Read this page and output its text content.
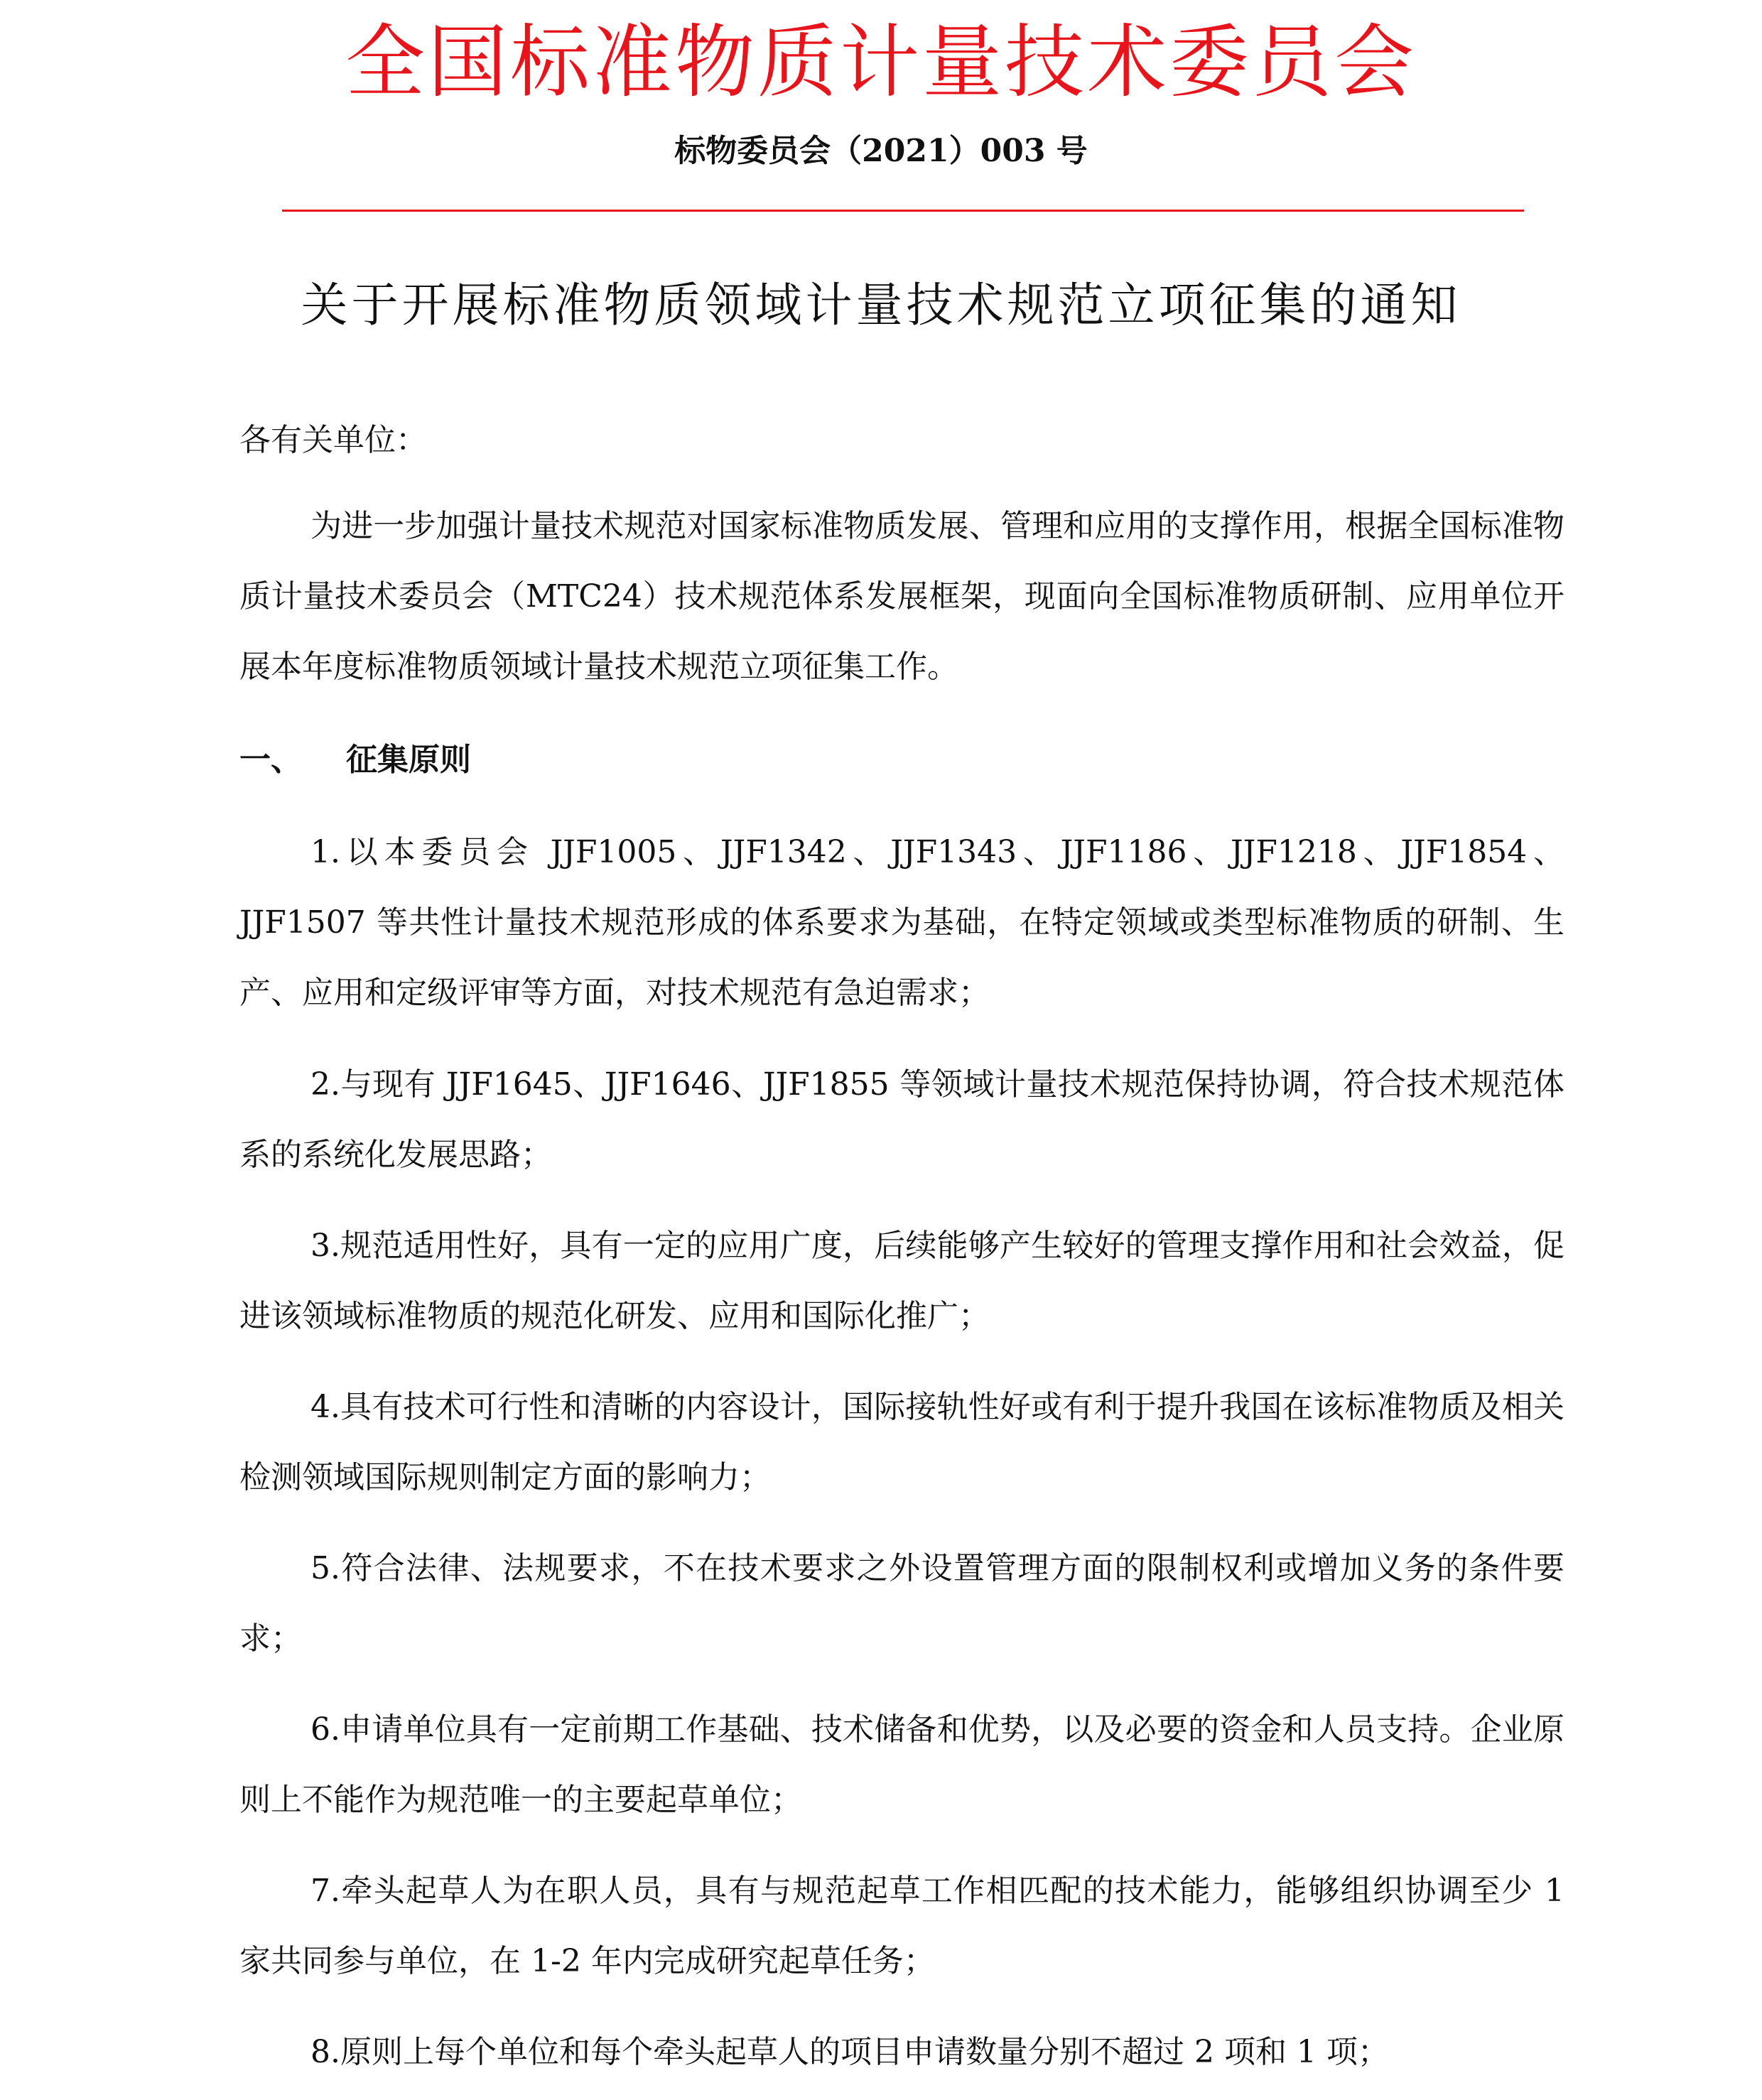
全国标准物质计量技术委员会
标物委员会（2021）003 号
关于开展标准物质领域计量技术规范立项征集的通知
各有关单位：
为进一步加强计量技术规范对国家标准物质发展、管理和应用的支撑作用，根据全国标准物质计量技术委员会（MTC24）技术规范体系发展框架，现面向全国标准物质研制、应用单位开展本年度标准物质领域计量技术规范立项征集工作。
一、 征集原则
1.以本委员会 JJF1005、JJF1342、JJF1343、JJF1186、JJF1218、JJF1854、JJF1507 等共性计量技术规范形成的体系要求为基础，在特定领域或类型标准物质的研制、生产、应用和定级评审等方面，对技术规范有急迫需求；
2.与现有 JJF1645、JJF1646、JJF1855 等领域计量技术规范保持协调，符合技术规范体系的系统化发展思路；
3.规范适用性好，具有一定的应用广度，后续能够产生较好的管理支撑作用和社会效益，促进该领域标准物质的规范化研发、应用和国际化推广；
4.具有技术可行性和清晰的内容设计，国际接轨性好或有利于提升我国在该标准物质及相关检测领域国际规则制定方面的影响力；
5.符合法律、法规要求，不在技术要求之外设置管理方面的限制权利或增加义务的条件要求；
6.申请单位具有一定前期工作基础、技术储备和优势，以及必要的资金和人员支持。企业原则上不能作为规范唯一的主要起草单位；
7.牵头起草人为在职人员，具有与规范起草工作相匹配的技术能力，能够组织协调至少 1 家共同参与单位，在 1-2 年内完成研究起草任务；
8.原则上每个单位和每个牵头起草人的项目申请数量分别不超过 2 项和 1 项；
